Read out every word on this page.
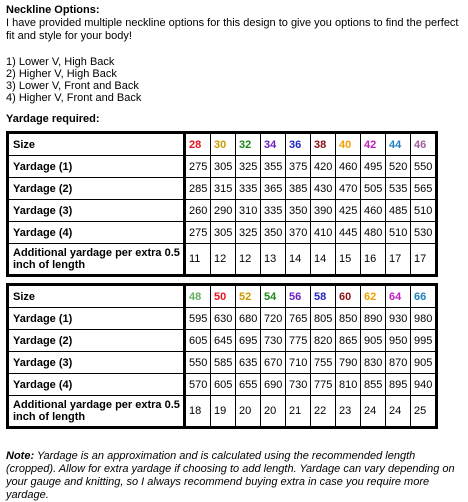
Neckline Options:

I have provided multiple neckline options for this design to give you options to find the perfect fit and style for your body!

1) Lower V, High Back

2) Higher V, High Back

3) Lower V, Front and Back

4) Higher V, Front and Back

Yardage required:

Size	28	30	32	34	36	38	40	42	44	46
Yardage (1)	275	305	325	355	375	420	460	495	520	550
Yardage (2)	285	315	335	365	385	430	470	505	535	565
Yardage (3)	260	290	310	335	350	390	425	460	485	510
Yardage (4)	275	305	325	350	370	410	445	480	510	530
Additional yardage per extra 0.5 inch of length	11	12	12	13	14	14	15	16	17	17
Size	48	50	52	54	56	58	60	62	64	66
Yardage (1)	595	630	680	720	765	805	850	890	930	980
Yardage (2)	605	645	695	730	775	820	865	905	950	995
Yardage (3)	550	585	635	670	710	755	790	830	870	905
Yardage (4)	570	605	655	690	730	775	810	855	895	940
Additional yardage per extra 0.5 inch of length	18	19	20	20	21	22	23	24	24	25
Note: Yardage is an approximation and is calculated using the recommended length (cropped). Allow for extra yardage if choosing to add length. Yardage can vary depending on your gauge and knitting, so I always recommend buying extra in case you require more yardage.
